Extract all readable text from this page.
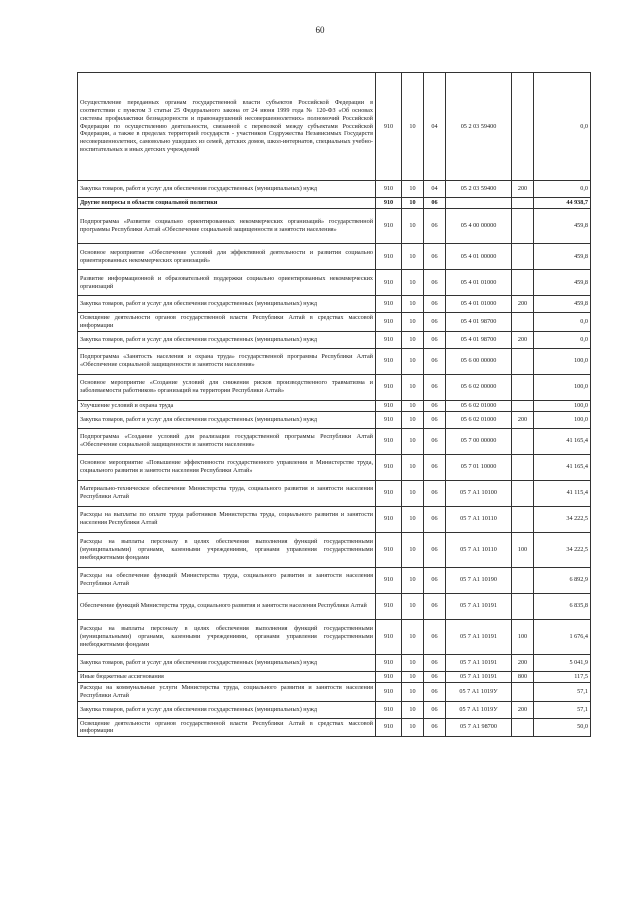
60
Осуществление переданных органам государственной власти субъектов Российской Федерации в соответствии с пунктом 3 статьи 25 Федерального закона от 24 июня 1999 года № 120-ФЗ «Об основах системы профилактики безнадзорности и правонарушений несовершеннолетних» полномочий Российской Федерации по осуществлению деятельности, связанной с перевозкой между субъектами Российской Федерации, а также в пределах территорий государств - участников Содружества Независимых Государств несовершеннолетних, самовольно ушедших из семей, детских домов, школ-интернатов, специальных учебно-воспитательных и иных детских учреждений	910	10	04	05 2 03 59400		0,0
Закупка товаров, работ и услуг для обеспечения государственных (муниципальных) нужд	910	10	04	05 2 03 59400	200	0,0
Другие вопросы в области социальной политики	910	10	06			44 938,7
Подпрограмма «Развитие социально ориентированных некоммерческих организаций» государственной программы Республики Алтай «Обеспечение социальной защищенности и занятости населения»	910	10	06	05 4 00 00000		459,8
Основное мероприятие «Обеспечение условий для эффективной деятельности и развития социально ориентированных некоммерческих организаций»	910	10	06	05 4 01 00000		459,8
Развитие информационной и образовательной поддержки социально ориентированных некоммерческих организаций	910	10	06	05 4 01 01000		459,8
Закупка товаров, работ и услуг для обеспечения государственных (муниципальных) нужд	910	10	06	05 4 01 01000	200	459,8
Освещение деятельности органов государственной власти Республики Алтай в средствах массовой информации	910	10	06	05 4 01 98700		0,0
Закупка товаров, работ и услуг для обеспечения государственных (муниципальных) нужд	910	10	06	05 4 01 98700	200	0,0
Подпрограмма «Занятость населения и охрана труда» государственной программы Республики Алтай «Обеспечение социальной защищенности и занятости населения»	910	10	06	05 6 00 00000		100,0
Основное мероприятие «Создание условий для снижения рисков производственного травматизма и заболеваемости работников» организаций на территории Республики Алтай»	910	10	06	05 6 02 00000		100,0
Улучшение условий и охрана труда	910	10	06	05 6 02 01000		100,0
Закупка товаров, работ и услуг для обеспечения государственных (муниципальных) нужд	910	10	06	05 6 02 01000	200	100,0
Подпрограмма «Создание условий для реализации государственной программы Республики Алтай «Обеспечение социальной защищенности и занятости населения»	910	10	06	05 7 00 00000		41 165,4
Основное мероприятие «Повышение эффективности государственного управления в Министерстве труда, социального развития и занятости населения Республики Алтай»	910	10	06	05 7 01 10000		41 165,4
Материально-техническое обеспечение Министерства труда, социального развития и занятости населения Республики Алтай	910	10	06	05 7 А1 10100		41 115,4
Расходы на выплаты по оплате труда работников Министерства труда, социального развития и занятости населения Республики Алтай	910	10	06	05 7 А1 10110		34 222,5
Расходы на выплаты персоналу в целях обеспечения выполнения функций государственными (муниципальными) органами, казенными учреждениями, органами управления государственными внебюджетными фондами	910	10	06	05 7 А1 10110	100	34 222,5
Расходы на обеспечение функций Министерства труда, социального развития и занятости населения Республики Алтай	910	10	06	05 7 А1 10190		6 892,9
Обеспечение функций Министерства труда, социального развития и занятости населения Республики Алтай	910	10	06	05 7 А1 10191		6 835,8
Расходы на выплаты персоналу в целях обеспечения выполнения функций государственными (муниципальными) органами, казенными учреждениями, органами управления государственными внебюджетными фондами	910	10	06	05 7 А1 10191	100	1 676,4
Закупка товаров, работ и услуг для обеспечения государственных (муниципальных) нужд	910	10	06	05 7 А1 10191	200	5 041,9
Иные бюджетные ассигнования	910	10	06	05 7 А1 10191	800	117,5
Расходы на коммунальные услуги Министерства труда, социального развития и занятости населения Республики Алтай	910	10	06	05 7 А1 1019У		57,1
Закупка товаров, работ и услуг для обеспечения государственных (муниципальных) нужд	910	10	06	05 7 А1 1019У	200	57,1
Освещение деятельности органов государственной власти Республики Алтай в средствах массовой информации	910	10	06	05 7 А1 98700		50,0
